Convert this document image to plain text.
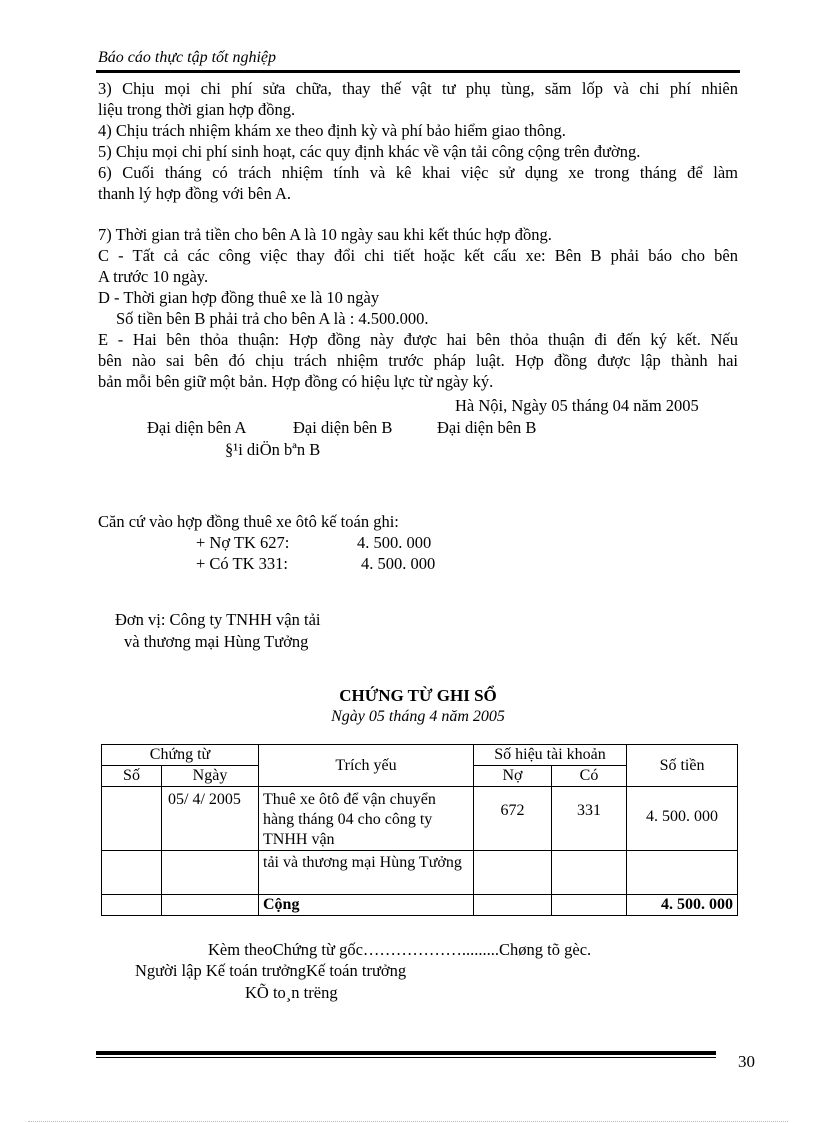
Báo cáo thực tập tốt nghiệp
3) Chịu mọi chi phí sửa chữa, thay thế vật tư phụ tùng, săm lốp và chi phí nhiên
liệu trong thời gian hợp đồng.
4) Chịu trách nhiệm khám xe theo định kỳ và phí bảo hiểm giao thông.
5) Chịu mọi chi phí sinh hoạt, các quy định khác về vận tải công cộng trên đường.
6) Cuối tháng có trách nhiệm tính và kê khai việc sử dụng xe trong tháng để làm
thanh lý hợp đồng với bên A.
7) Thời gian trả tiền cho bên A là 10 ngày sau khi kết thúc hợp đồng.
C - Tất cả các công việc thay đổi chi tiết hoặc kết cấu xe: Bên B phải báo cho bên
A trước 10 ngày.
D - Thời gian hợp đồng thuê xe là 10 ngày
Số tiền bên B phải trả cho bên A là : 4.500.000.
E - Hai bên thỏa thuận: Hợp đồng này được hai bên thỏa thuận đi đến ký kết. Nếu
bên nào sai bên đó chịu trách nhiệm trước pháp luật. Hợp đồng được lập thành hai
bản mỗi bên giữ một bản. Hợp đồng có hiệu lực từ ngày ký.
Hà Nội, Ngày 05 tháng 04 năm 2005
Đại diện bên A	Đại diện bên B	Đại diện bên B
§¹i diÖn bªn B
Căn cứ vào hợp đồng thuê xe ôtô kế toán ghi:
+ Nợ TK 627:	4. 500. 000
+ Có TK 331:	4. 500. 000
Đơn vị: Công ty TNHH vận tải
và thương mại Hùng Tưởng
CHỨNG TỪ GHI SỔ
Ngày 05 tháng 4 năm 2005
Chứng từ		Trích yếu	Số hiệu tài khoản		Số tiền
Số	Ngày		Nợ	Có	
	05/ 4/ 2005	Thuê xe ôtô để vận chuyển hàng tháng 04 cho công ty TNHH vận	672	331	4. 500. 000
		tải và thương mại Hùng Tưởng			
		Cộng			4. 500. 000
Kèm theoChứng từ gốc……………….........Chøng tõ gèc.
Người lập Kế toán trưởngKế toán trưởng
KÕ to¸n trëng
30
